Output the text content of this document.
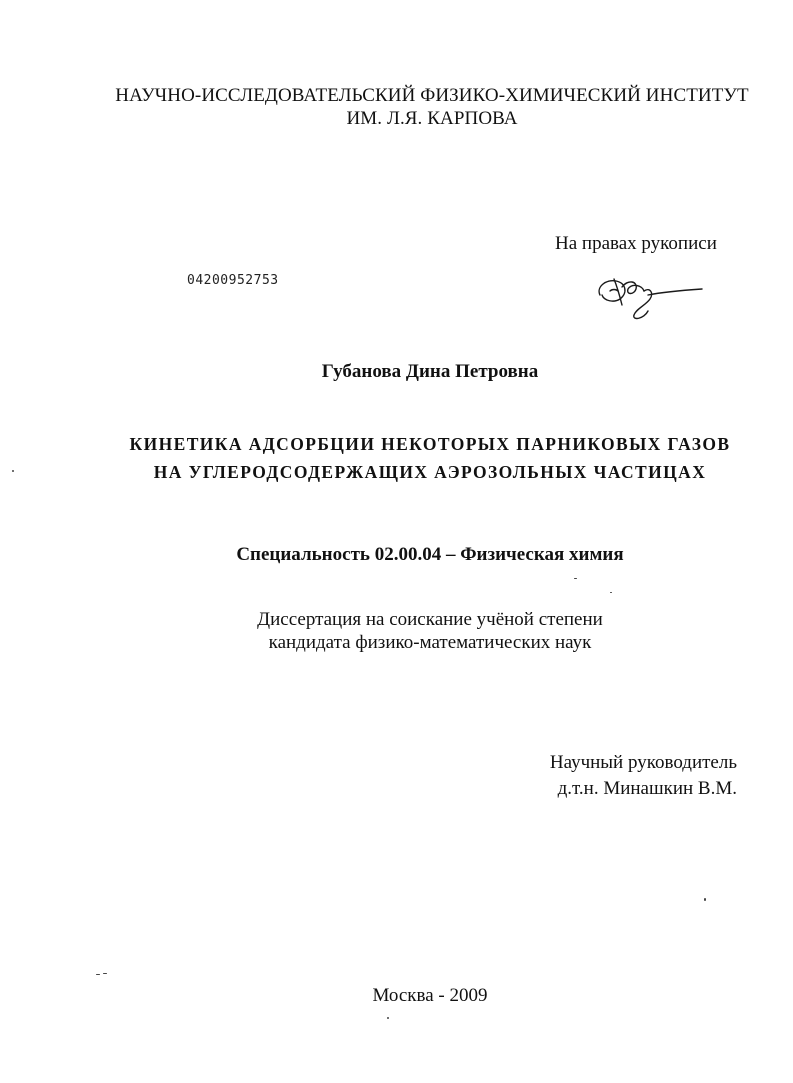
НАУЧНО-ИССЛЕДОВАТЕЛЬСКИЙ ФИЗИКО-ХИМИЧЕСКИЙ ИНСТИТУТ
ИМ. Л.Я. КАРПОВА
На правах рукописи
04200952753
Губанова Дина Петровна
КИНЕТИКА АДСОРБЦИИ НЕКОТОРЫХ ПАРНИКОВЫХ ГАЗОВ
НА УГЛЕРОДСОДЕРЖАЩИХ АЭРОЗОЛЬНЫХ ЧАСТИЦАХ
Специальность 02.00.04 – Физическая химия
Диссертация на соискание учёной степени
кандидата физико-математических наук
Научный руководитель
д.т.н. Минашкин В.М.
Москва - 2009
